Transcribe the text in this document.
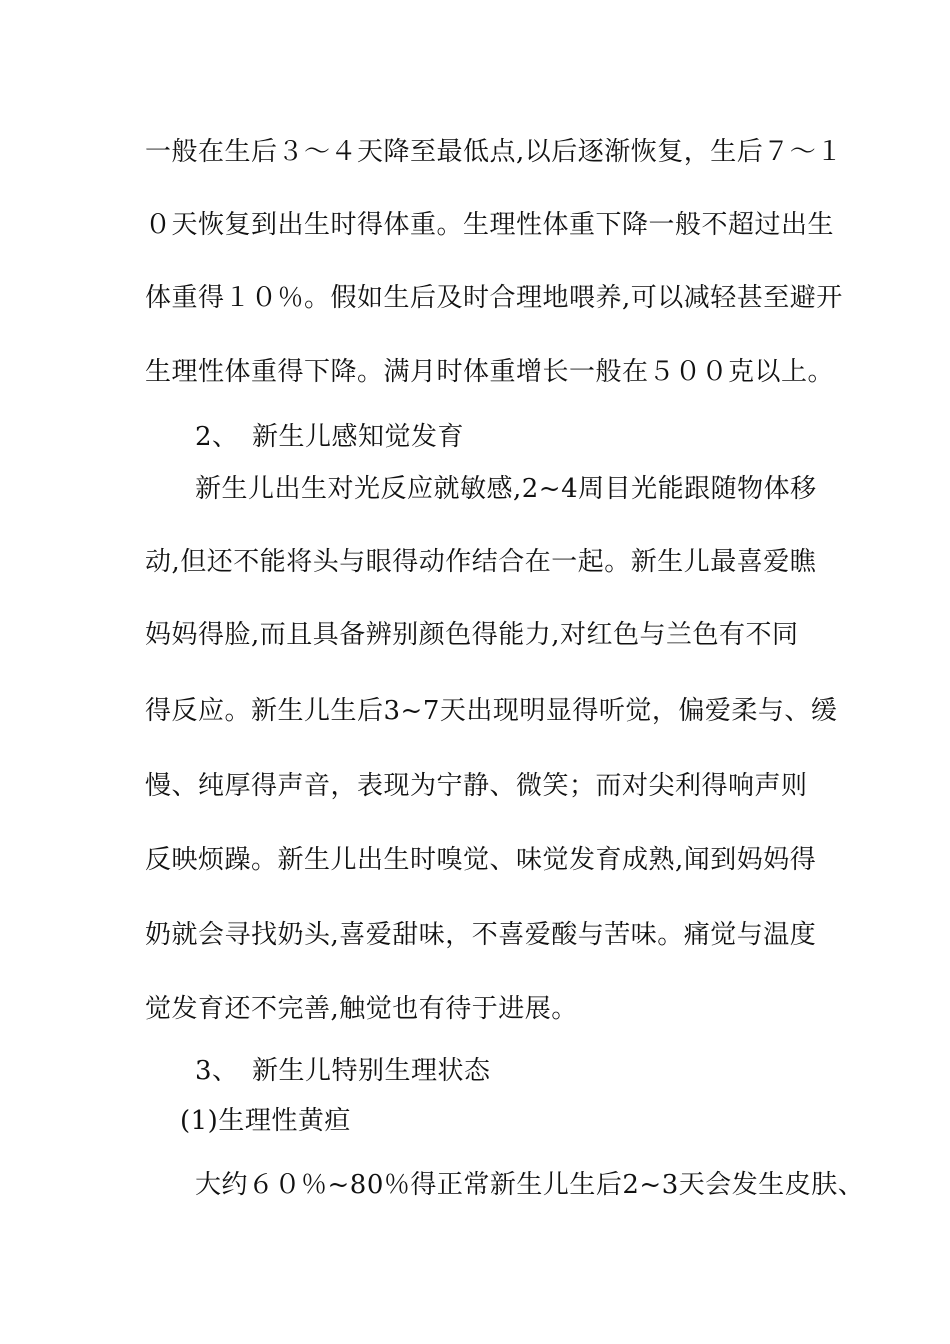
一般在生后３～４天降至最低点,以后逐渐恢复，生后７～１
０天恢复到出生时得体重。生理性体重下降一般不超过出生
体重得１０％。假如生后及时合理地喂养,可以减轻甚至避开
生理性体重得下降。满月时体重增长一般在５００克以上。
2、　新生儿感知觉发育
新生儿出生对光反应就敏感,2~4周目光能跟随物体移
动,但还不能将头与眼得动作结合在一起。新生儿最喜爱瞧
妈妈得脸,而且具备辨别颜色得能力,对红色与兰色有不同
得反应。新生儿生后3~7天出现明显得听觉，偏爱柔与、缓
慢、纯厚得声音，表现为宁静、微笑；而对尖利得响声则
反映烦躁。新生儿出生时嗅觉、味觉发育成熟,闻到妈妈得
奶就会寻找奶头,喜爱甜味，不喜爱酸与苦味。痛觉与温度
觉发育还不完善,触觉也有待于进展。
3、　新生儿特别生理状态
(1)生理性黄疸
大约６０％~80％得正常新生儿生后2~3天会发生皮肤、
